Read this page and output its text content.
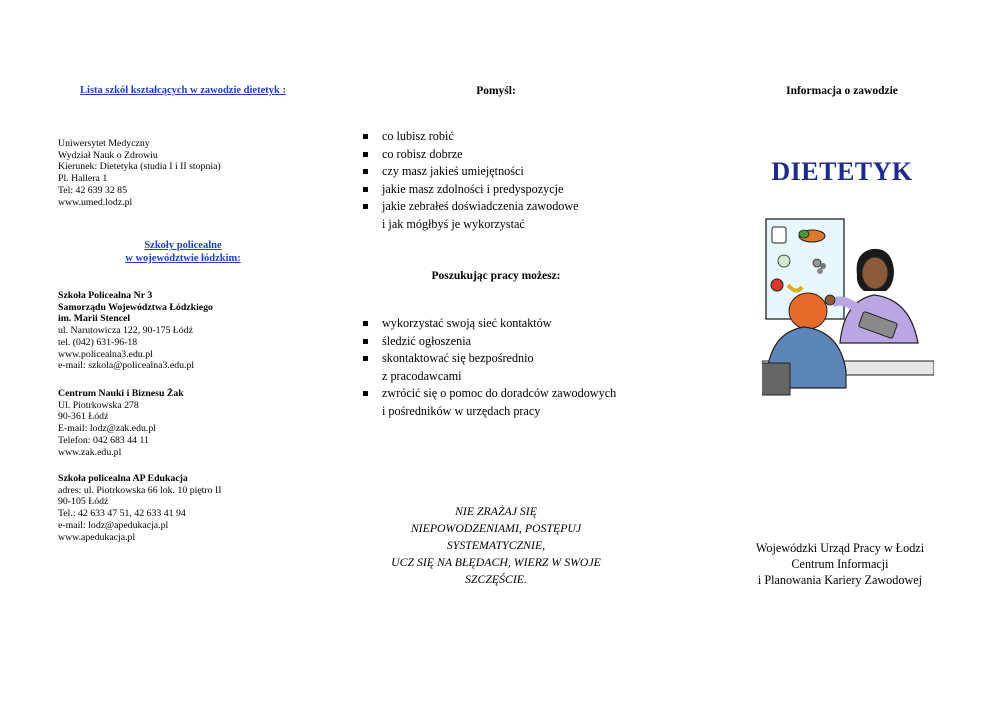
Lista szkół kształcących w zawodzie dietetyk :
Uniwersytet Medyczny
Wydział Nauk o Zdrowiu
Kierunek: Dietetyka (studia I i II stopnia)
Pl. Hallera 1
Tel: 42 639 32 85
www.umed.lodz.pl
Szkoły policealne
w województwie łódzkim:
Szkoła Policealna Nr 3
Samorządu Województwa Łódzkiego
im. Marii Stencel
ul. Narutowicza 122, 90-175 Łódź
tel. (042) 631-96-18
www.policealna3.edu.pl
e-mail: szkola@policealna3.edu.pl
Centrum Nauki i Biznesu Żak
Ul. Piotrkowska 278
90-361 Łódź
E-mail: lodz@zak.edu.pl
Telefon: 042 683 44 11
www.zak.edu.pl
Szkoła policealna AP Edukacja
adres: ul. Piotrkowska 66 lok. 10 piętro II
90-105 Łódź
Tel.: 42 633 47 51, 42 633 41 94
e-mail: lodz@apedukacja.pl
www.apedukacja.pl
Pomyśl:
co lubisz robić
co robisz dobrze
czy masz jakieś umiejętności
jakie masz zdolności i predyspozycje
jakie zebrałeś doświadczenia zawodowe
i jak mógłbyś je wykorzystać
Poszukując pracy możesz:
wykorzystać swoją sieć kontaktów
śledzić ogłoszenia
skontaktować się bezpośrednio
z pracodawcami
zwrócić się o pomoc do doradców zawodowych
i pośredników w urzędach pracy
NIE ZRAŻAJ SIĘ
NIEPOWODZENIAMI, POSTĘPUJ
SYSTEMATYCZNIE,
UCZ SIĘ NA BŁĘDACH, WIERZ W SWOJE
SZCZĘŚCIE.
Informacja o zawodzie
DIETETYK
Wojewódzki Urząd Pracy w Łodzi
Centrum Informacji
i Planowania Kariery Zawodowej
